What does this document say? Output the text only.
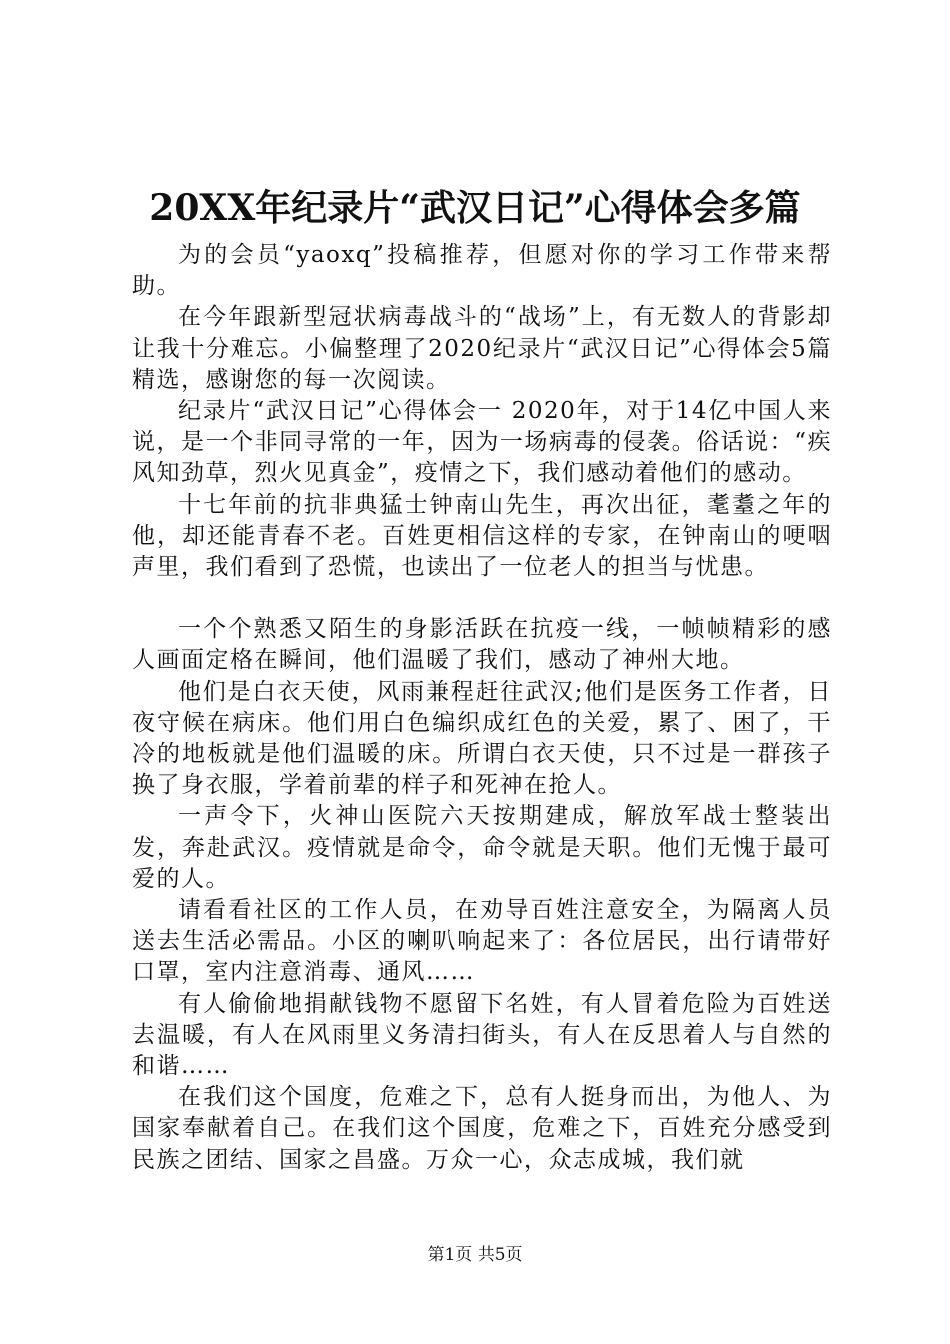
20XX年纪录片“武汉日记”心得体会多篇

为的会员“yaoxq”投稿推荐，但愿对你的学习工作带来帮助。

在今年跟新型冠状病毒战斗的“战场”上，有无数人的背影却让我十分难忘。小偏整理了2020纪录片“武汉日记”心得体会5篇精选，感谢您的每一次阅读。

纪录片“武汉日记”心得体会一 2020年，对于14亿中国人来说，是一个非同寻常的一年，因为一场病毒的侵袭。俗话说：“疾风知劲草，烈火见真金”，疫情之下，我们感动着他们的感动。

十七年前的抗非典猛士钟南山先生，再次出征，耄耋之年的他，却还能青春不老。百姓更相信这样的专家，在钟南山的哽咽声里，我们看到了恐慌，也读出了一位老人的担当与忧患。

一个个熟悉又陌生的身影活跃在抗疫一线，一帧帧精彩的感人画面定格在瞬间，他们温暖了我们，感动了神州大地。

他们是白衣天使，风雨兼程赶往武汉;他们是医务工作者，日夜守候在病床。他们用白色编织成红色的关爱，累了、困了，干冷的地板就是他们温暖的床。所谓白衣天使，只不过是一群孩子换了身衣服，学着前辈的样子和死神在抢人。

一声令下，火神山医院六天按期建成，解放军战士整装出发，奔赴武汉。疫情就是命令，命令就是天职。他们无愧于最可爱的人。

请看看社区的工作人员，在劝导百姓注意安全，为隔离人员送去生活必需品。小区的喇叭响起来了：各位居民，出行请带好口罩，室内注意消毒、通风……

有人偷偷地捐献钱物不愿留下名姓，有人冒着危险为百姓送去温暖，有人在风雨里义务清扫街头，有人在反思着人与自然的和谐……

在我们这个国度，危难之下，总有人挺身而出，为他人、为国家奉献着自己。在我们这个国度，危难之下，百姓充分感受到民族之团结、国家之昌盛。万众一心，众志成城，我们就

第1页 共5页
